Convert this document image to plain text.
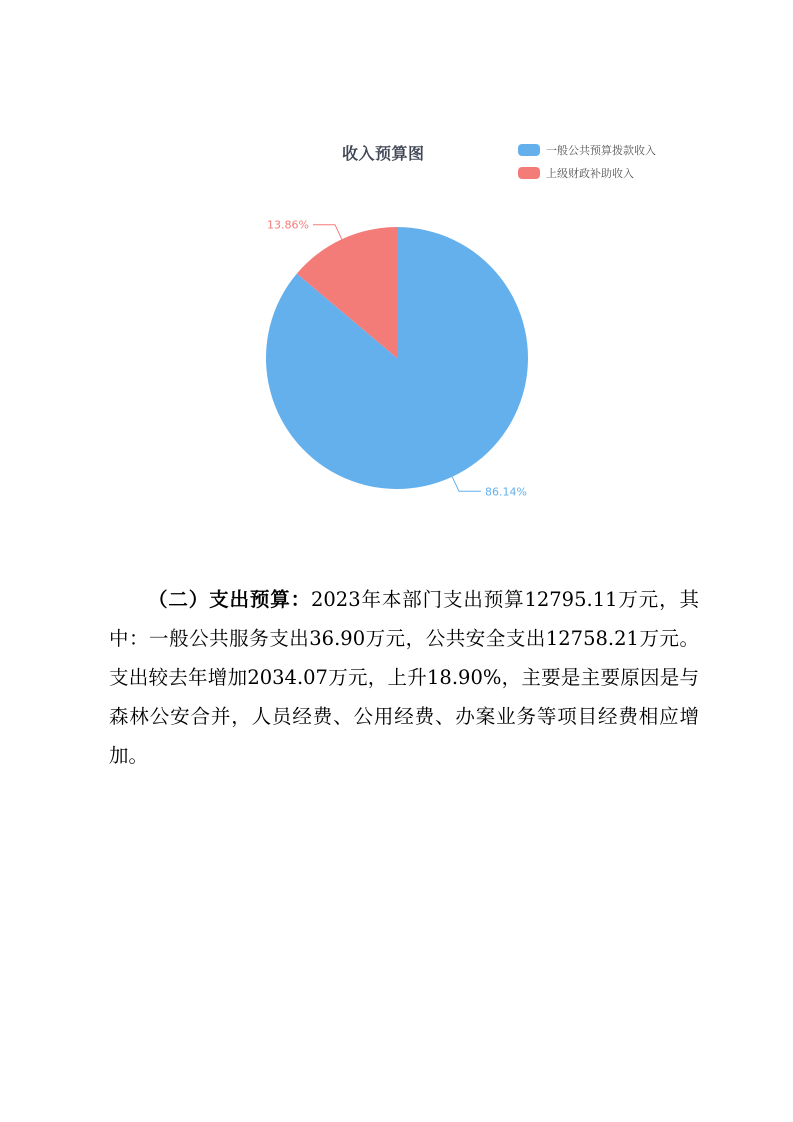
收入预算图	一般公共预算拨款收入
上级财政补助收入
86.14%
13.86%
（二）支出预算：2023年本部门支出预算12795.11万元，其中：一般公共服务支出36.90万元，公共安全支出12758.21万元。支出较去年增加2034.07万元，上升18.90%，主要是主要原因是与森林公安合并，人员经费、公用经费、办案业务等项目经费相应增加。
